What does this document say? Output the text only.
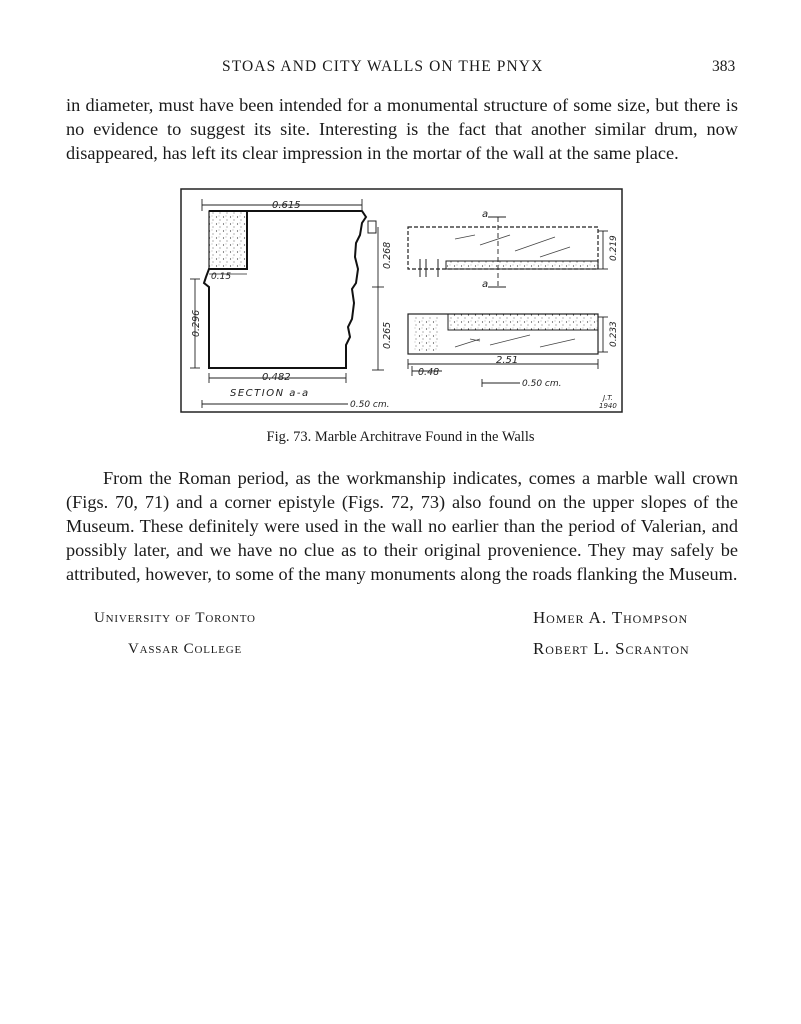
STOAS AND CITY WALLS ON THE PNYX	383

in diameter, must have been intended for a monumental structure of some size, but there is no evidence to suggest its site. Interesting is the fact that another similar drum, now disappeared, has left its clear impression in the mortar of the wall at the same place.

0.615
0.15
0.296
0.268
0.265
0.482
SECTION a-a
0.50 cm.
a
a
0.219
0.233
2.51
0.48
0.50 cm.
J.T.
1940
Fig. 73. Marble Architrave Found in the Walls

From the Roman period, as the workmanship indicates, comes a marble wall crown (Figs. 70, 71) and a corner epistyle (Figs. 72, 73) also found on the upper slopes of the Museum. These definitely were used in the wall no earlier than the period of Valerian, and possibly later, and we have no clue as to their original provenience. They may safely be attributed, however, to some of the many monuments along the roads flanking the Museum.

University of Toronto
Vassar College
Homer A. Thompson
Robert L. Scranton
